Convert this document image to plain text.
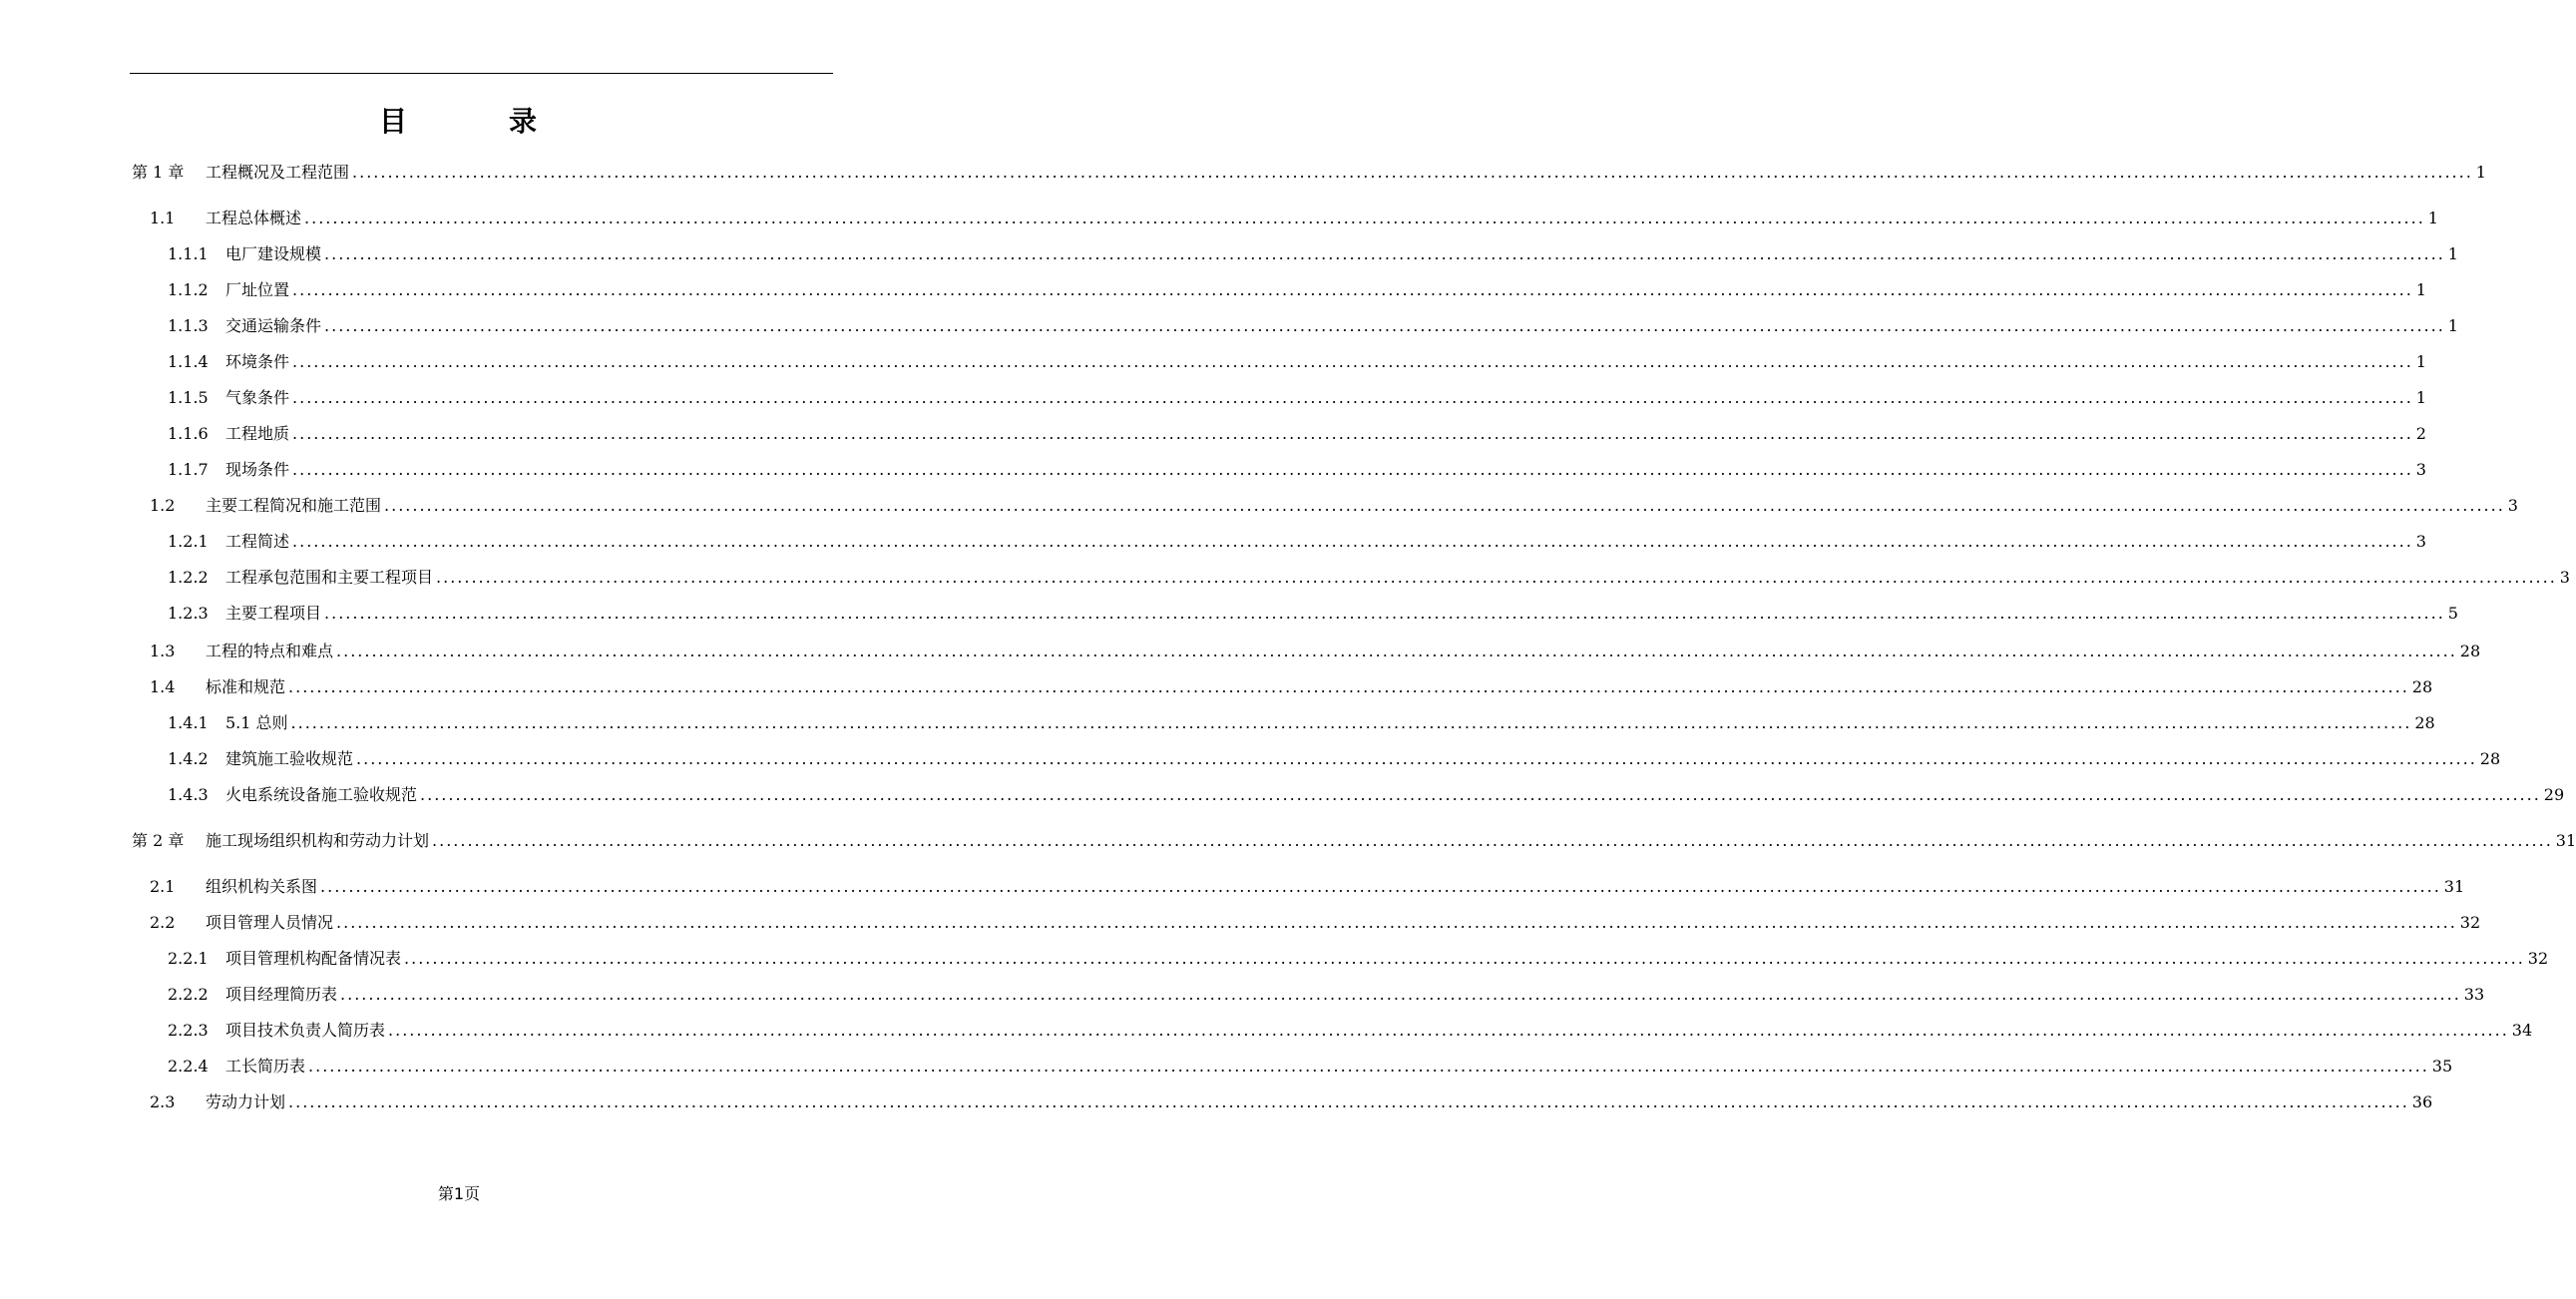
目	录
第 1 章	工程概况及工程范围 ............................................................................................................................................................................................................................................................................................................ 1
1.1	工程总体概述 ............................................................................................................................................................................................................................................................................................................ 1
1.1.1	电厂建设规模 ............................................................................................................................................................................................................................................................................................................ 1
1.1.2	厂址位置 ............................................................................................................................................................................................................................................................................................................ 1
1.1.3	交通运输条件 ............................................................................................................................................................................................................................................................................................................ 1
1.1.4	环境条件 ............................................................................................................................................................................................................................................................................................................ 1
1.1.5	气象条件 ............................................................................................................................................................................................................................................................................................................ 1
1.1.6	工程地质 ............................................................................................................................................................................................................................................................................................................ 2
1.1.7	现场条件 ............................................................................................................................................................................................................................................................................................................ 3
1.2	主要工程简况和施工范围 ............................................................................................................................................................................................................................................................................................................ 3
1.2.1	工程简述 ............................................................................................................................................................................................................................................................................................................ 3
1.2.2	工程承包范围和主要工程项目 ............................................................................................................................................................................................................................................................................................................ 3
1.2.3	主要工程项目 ............................................................................................................................................................................................................................................................................................................ 5
1.3	工程的特点和难点 ............................................................................................................................................................................................................................................................................................................ 28
1.4	标准和规范 ............................................................................................................................................................................................................................................................................................................ 28
1.4.1	5.1 总则 ............................................................................................................................................................................................................................................................................................................ 28
1.4.2	建筑施工验收规范 ............................................................................................................................................................................................................................................................................................................ 28
1.4.3	火电系统设备施工验收规范 ............................................................................................................................................................................................................................................................................................................ 29
第 2 章	施工现场组织机构和劳动力计划 ............................................................................................................................................................................................................................................................................................................ 31
2.1	组织机构关系图 ............................................................................................................................................................................................................................................................................................................ 31
2.2	项目管理人员情况 ............................................................................................................................................................................................................................................................................................................ 32
2.2.1	项目管理机构配备情况表 ............................................................................................................................................................................................................................................................................................................ 32
2.2.2	项目经理简历表 ............................................................................................................................................................................................................................................................................................................ 33
2.2.3	项目技术负责人简历表 ............................................................................................................................................................................................................................................................................................................ 34
2.2.4	工长简历表 ............................................................................................................................................................................................................................................................................................................ 35
2.3	劳动力计划 ............................................................................................................................................................................................................................................................................................................ 36
第1页
